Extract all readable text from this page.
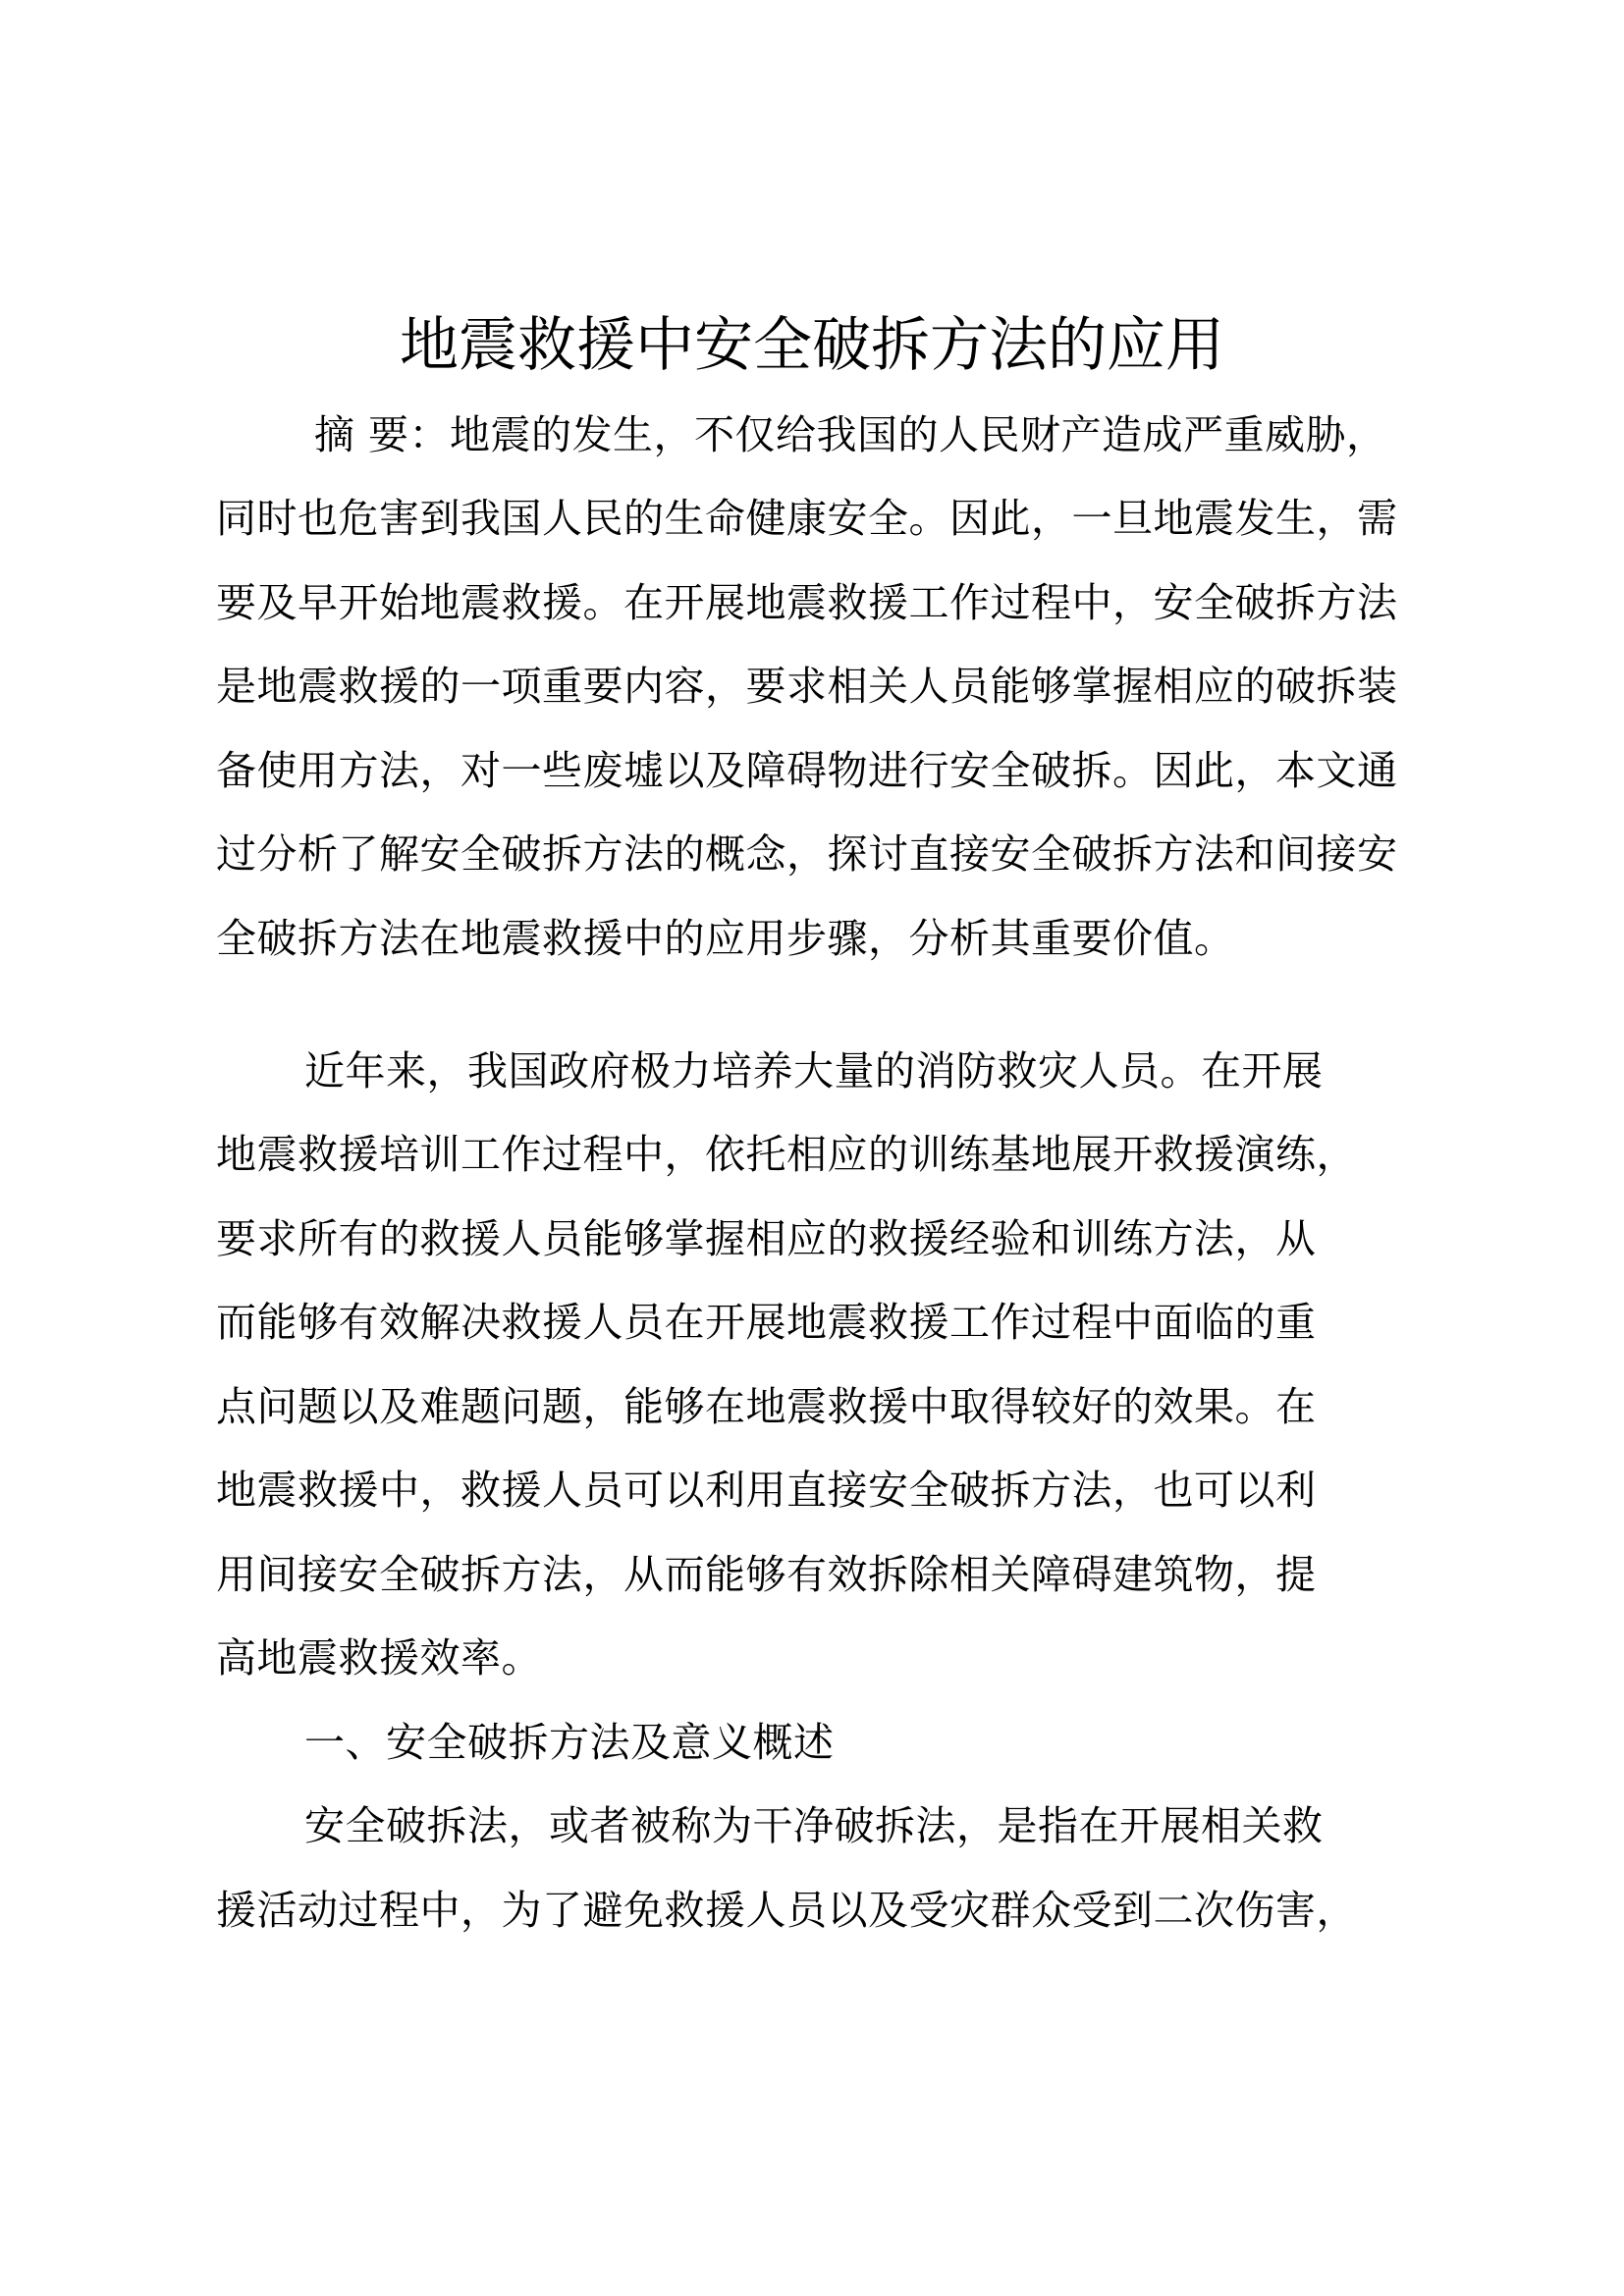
地震救援中安全破拆方法的应用
摘 要：地震的发生，不仅给我国的人民财产造成严重威胁，
同时也危害到我国人民的生命健康安全。因此，一旦地震发生，需
要及早开始地震救援。在开展地震救援工作过程中，安全破拆方法
是地震救援的一项重要内容，要求相关人员能够掌握相应的破拆装
备使用方法，对一些废墟以及障碍物进行安全破拆。因此，本文通
过分析了解安全破拆方法的概念，探讨直接安全破拆方法和间接安
全破拆方法在地震救援中的应用步骤，分析其重要价值。
近年来，我国政府极力培养大量的消防救灾人员。在开展
地震救援培训工作过程中，依托相应的训练基地展开救援演练，
要求所有的救援人员能够掌握相应的救援经验和训练方法，从
而能够有效解决救援人员在开展地震救援工作过程中面临的重
点问题以及难题问题，能够在地震救援中取得较好的效果。在
地震救援中，救援人员可以利用直接安全破拆方法，也可以利
用间接安全破拆方法，从而能够有效拆除相关障碍建筑物，提
高地震救援效率。
一、安全破拆方法及意义概述
安全破拆法，或者被称为干净破拆法，是指在开展相关救
援活动过程中，为了避免救援人员以及受灾群众受到二次伤害，
